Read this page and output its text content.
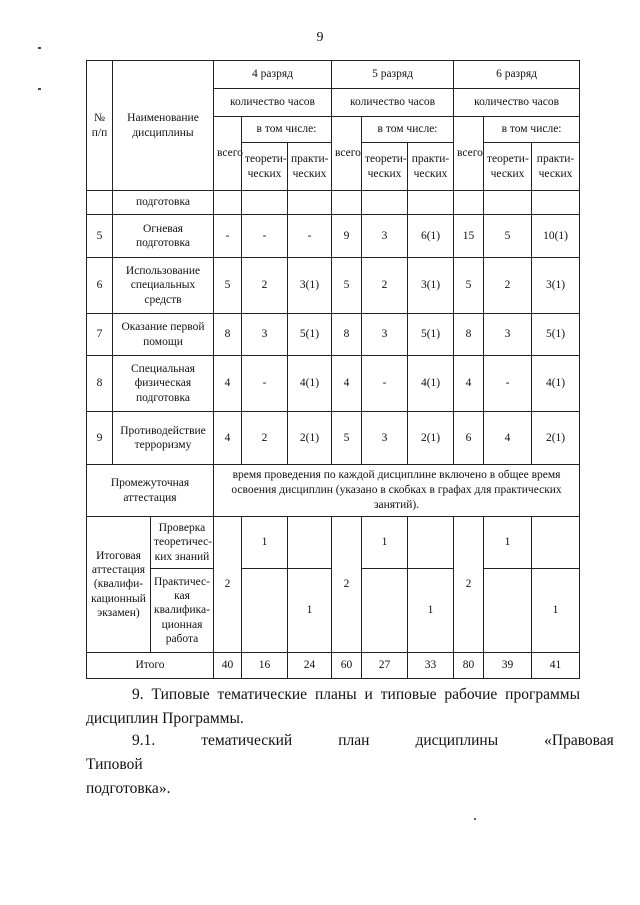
9
№ п/п	Наименование дисциплины		4 разряд			5 разряд			6 разряд		
			количество часов			количество часов			количество часов		
			всего	в том числе:		всего	в том числе:		всего	в том числе:	
				теорети-ческих	практи-ческих		теорети-ческих	практи-ческих		теорети-ческих	практи-ческих
	подготовка										
5	Огневая подготовка		-	-	-	9	3	6(1)	15	5	10(1)
6	Использование специальных средств		5	2	3(1)	5	2	3(1)	5	2	3(1)
7	Оказание первой помощи		8	3	5(1)	8	3	5(1)	8	3	5(1)
8	Специальная физическая подготовка		4	-	4(1)	4	-	4(1)	4	-	4(1)
9	Противодействие терроризму		4	2	2(1)	5	3	2(1)	6	4	2(1)
Промежуточная аттестация			время проведения по каждой дисциплине включено в общее время освоения дисциплин (указано в скобках в графах для практических занятий).								
Итоговая аттестация (квалифи-кационный экзамен)		Проверка теоретичес-ких знаний	2	1		2	1		2	1	
		Практичес-кая квалифика-ционная работа			1			1			1
Итого			40	16	24	60	27	33	80	39	41
9. Типовые тематические планы и типовые рабочие программы дисциплин Программы.
9.1. Типовой
тематический	план	дисциплины	«Правовая
подготовка».
